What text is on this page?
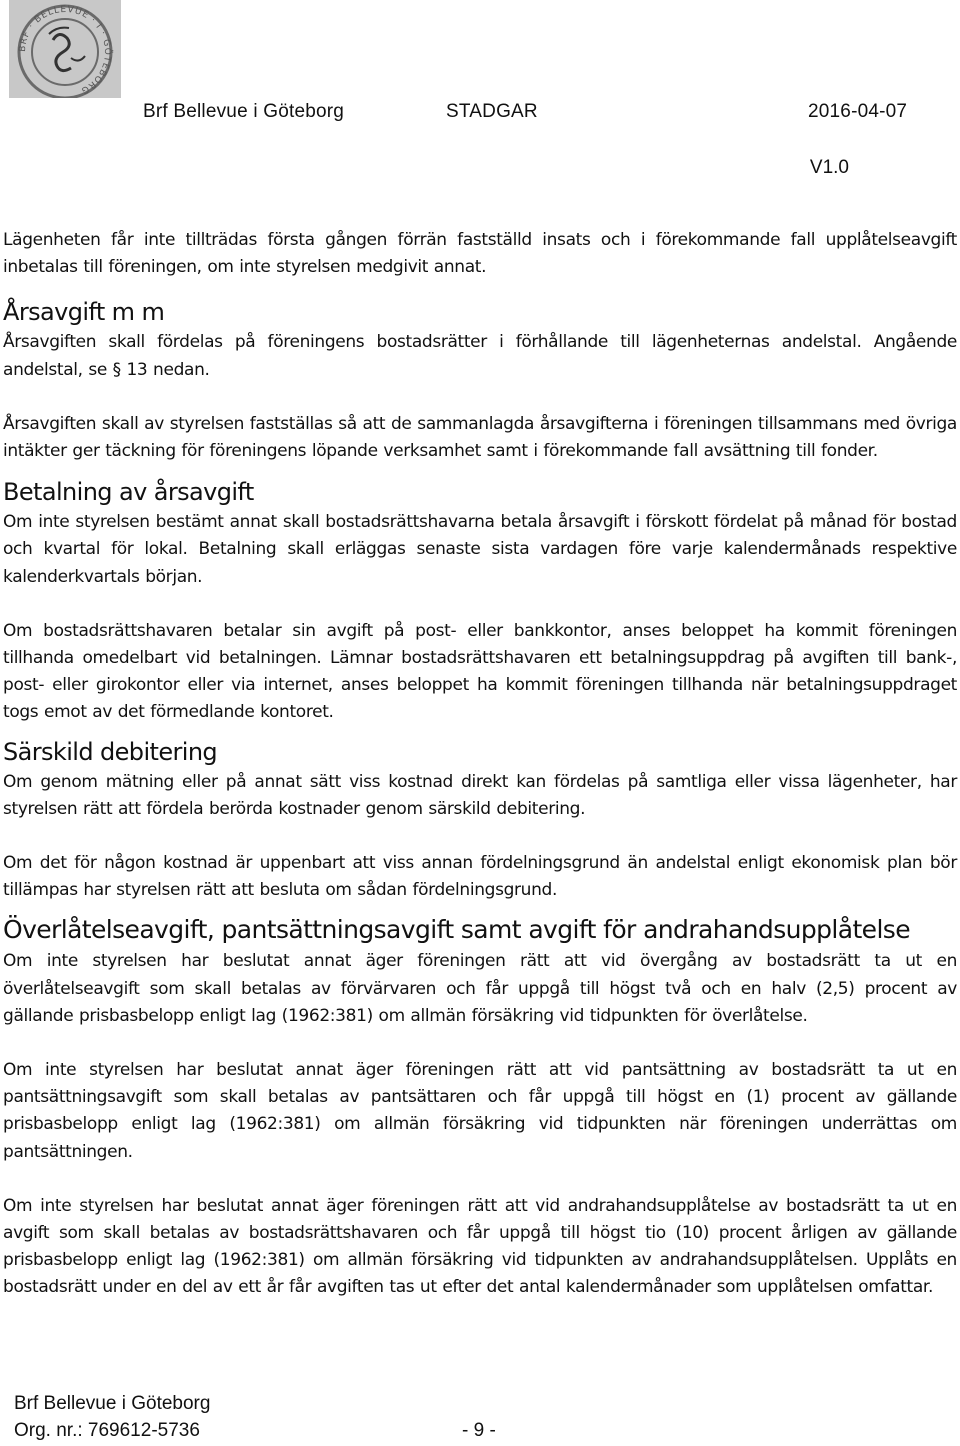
BRF · BELLEVUE · I · GÖTEBORG
Brf Bellevue i Göteborg	STADGAR	2016-04-07
V1.0

Lägenheten får inte tillträdas första gången förrän fastställd insats och i förekommande fall upplåtelseavgift inbetalas till föreningen, om inte styrelsen medgivit annat.

Årsavgift m m

Årsavgiften skall fördelas på föreningens bostadsrätter i förhållande till lägenheternas andelstal. Angående andelstal, se § 13 nedan.

Årsavgiften skall av styrelsen fastställas så att de sammanlagda årsavgifterna i föreningen tillsammans med övriga intäkter ger täckning för föreningens löpande verksamhet samt i förekommande fall avsättning till fonder.

Betalning av årsavgift

Om inte styrelsen bestämt annat skall bostadsrättshavarna betala årsavgift i förskott fördelat på månad för bostad och kvartal för lokal. Betalning skall erläggas senaste sista vardagen före varje kalendermånads respektive kalenderkvartals början.

Om bostadsrättshavaren betalar sin avgift på post- eller bankkontor, anses beloppet ha kommit föreningen tillhanda omedelbart vid betalningen. Lämnar bostadsrättshavaren ett betalningsuppdrag på avgiften till bank-, post- eller girokontor eller via internet, anses beloppet ha kommit föreningen tillhanda när betalningsuppdraget togs emot av det förmedlande kontoret.

Särskild debitering

Om genom mätning eller på annat sätt viss kostnad direkt kan fördelas på samtliga eller vissa lägenheter, har styrelsen rätt att fördela berörda kostnader genom särskild debitering.

Om det för någon kostnad är uppenbart att viss annan fördelningsgrund än andelstal enligt ekonomisk plan bör tillämpas har styrelsen rätt att besluta om sådan fördelningsgrund.

Överlåtelseavgift, pantsättningsavgift samt avgift för andrahandsupplåtelse

Om inte styrelsen har beslutat annat äger föreningen rätt att vid övergång av bostadsrätt ta ut en överlåtelseavgift som skall betalas av förvärvaren och får uppgå till högst två och en halv (2,5) procent av gällande prisbasbelopp enligt lag (1962:381) om allmän försäkring vid tidpunkten för överlåtelse.

Om inte styrelsen har beslutat annat äger föreningen rätt att vid pantsättning av bostadsrätt ta ut en pantsättningsavgift som skall betalas av pantsättaren och får uppgå till högst en (1) procent av gällande prisbasbelopp enligt lag (1962:381) om allmän försäkring vid tidpunkten när föreningen underrättas om pantsättningen.

Om inte styrelsen har beslutat annat äger föreningen rätt att vid andrahandsupplåtelse av bostadsrätt ta ut en avgift som skall betalas av bostadsrättshavaren och får uppgå till högst tio (10) procent årligen av gällande prisbasbelopp enligt lag (1962:381) om allmän försäkring vid tidpunkten av andrahandsupplåtelsen. Upplåts en bostadsrätt under en del av ett år får avgiften tas ut efter det antal kalendermånader som upplåtelsen omfattar.

Brf Bellevue i Göteborg
Org. nr.: 769612-5736	- 9 -
